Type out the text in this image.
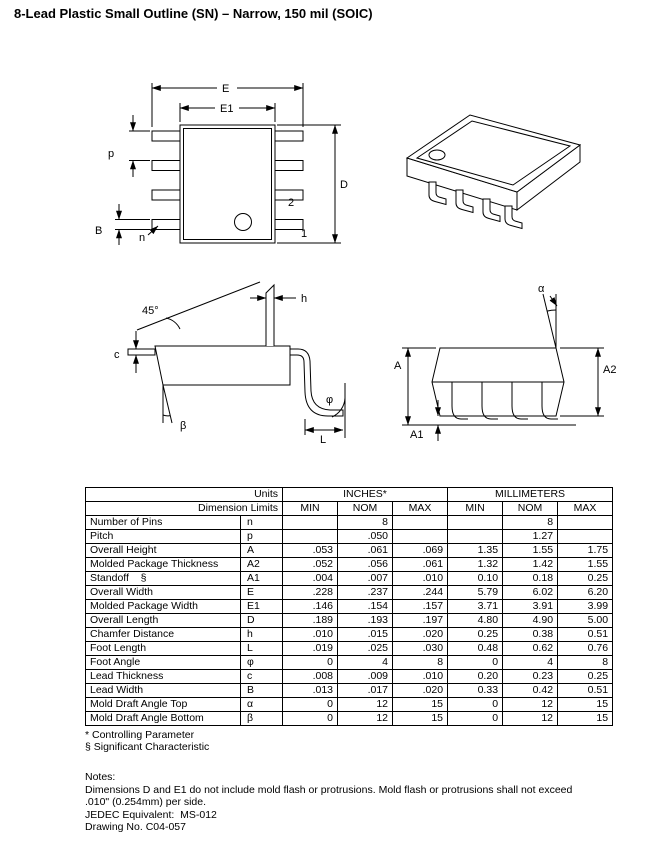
8-Lead Plastic Small Outline (SN) – Narrow, 150 mil (SOIC)
E
E1
D
p
B
n
2
1
45°
h
c
β
φ
L
A	A2
A1
α
Units		INCHES*			MILLIMETERS		
Dimension Limits		MIN	NOM	MAX	MIN	NOM	MAX
Number of Pins	n		8			8	
Pitch	p		.050			1.27	
Overall Height	A	.053	.061	.069	1.35	1.55	1.75
Molded Package Thickness	A2	.052	.056	.061	1.32	1.42	1.55
Standoff    §	A1	.004	.007	.010	0.10	0.18	0.25
Overall Width	E	.228	.237	.244	5.79	6.02	6.20
Molded Package Width	E1	.146	.154	.157	3.71	3.91	3.99
Overall Length	D	.189	.193	.197	4.80	4.90	5.00
Chamfer Distance	h	.010	.015	.020	0.25	0.38	0.51
Foot Length	L	.019	.025	.030	0.48	0.62	0.76
Foot Angle	φ	0	4	8	0	4	8
Lead Thickness	c	.008	.009	.010	0.20	0.23	0.25
Lead Width	B	.013	.017	.020	0.33	0.42	0.51
Mold Draft Angle Top	α	0	12	15	0	12	15
Mold Draft Angle Bottom	β	0	12	15	0	12	15
* Controlling Parameter
§ Significant Characteristic
Notes:
Dimensions D and E1 do not include mold flash or protrusions. Mold flash or protrusions shall not exceed
.010" (0.254mm) per side.
JEDEC Equivalent:  MS-012
Drawing No. C04-057
